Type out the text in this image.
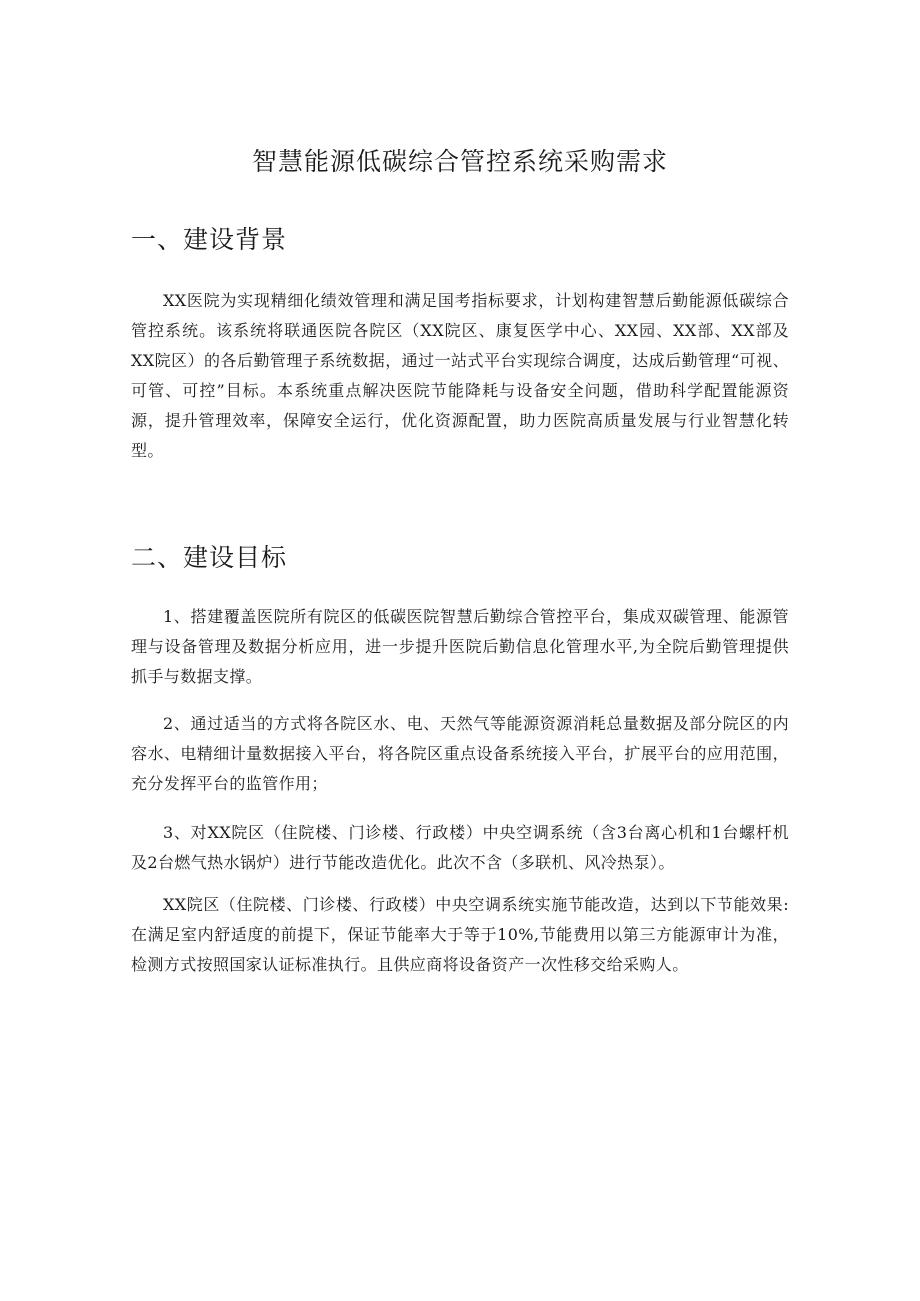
智慧能源低碳综合管控系统采购需求
一、建设背景

XX医院为实现精细化绩效管理和满足国考指标要求，计划构建智慧后勤能源低碳综合管控系统。该系统将联通医院各院区（XX院区、康复医学中心、XX园、XX部、XX部及XX院区）的各后勤管理子系统数据，通过一站式平台实现综合调度，达成后勤管理“可视、可管、可控”目标。本系统重点解决医院节能降耗与设备安全问题，借助科学配置能源资源，提升管理效率，保障安全运行，优化资源配置，助力医院高质量发展与行业智慧化转型。

二、建设目标

1、搭建覆盖医院所有院区的低碳医院智慧后勤综合管控平台，集成双碳管理、能源管理与设备管理及数据分析应用，进一步提升医院后勤信息化管理水平,为全院后勤管理提供抓手与数据支撑。

2、通过适当的方式将各院区水、电、天然气等能源资源消耗总量数据及部分院区的内容水、电精细计量数据接入平台，将各院区重点设备系统接入平台，扩展平台的应用范围，充分发挥平台的监管作用；

3、对XX院区（住院楼、门诊楼、行政楼）中央空调系统（含3台离心机和1台螺杆机及2台燃气热水锅炉）进行节能改造优化。此次不含（多联机、风冷热泵）。

XX院区（住院楼、门诊楼、行政楼）中央空调系统实施节能改造，达到以下节能效果:在满足室内舒适度的前提下，保证节能率大于等于10%,节能费用以第三方能源审计为准，检测方式按照国家认证标准执行。且供应商将设备资产一次性移交给采购人。
